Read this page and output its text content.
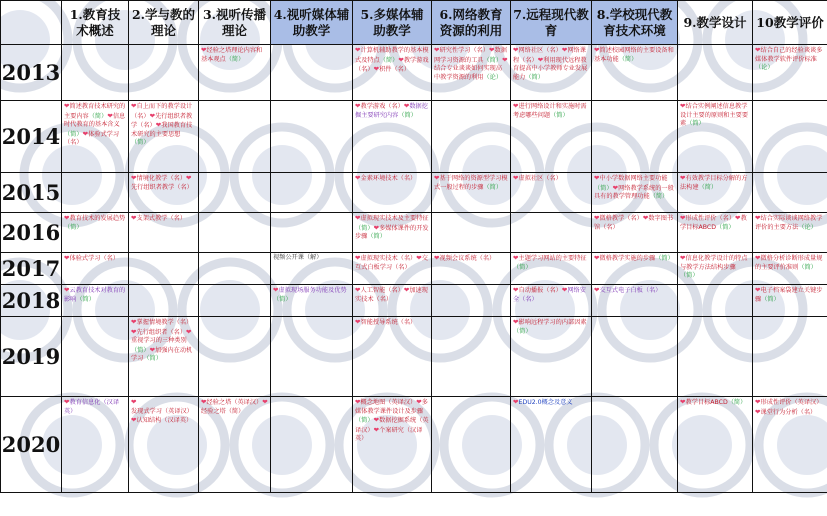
	1.教育技术概述	2.学与教的理论	3.视听传播理论	4.视听媒体辅助教学	5.多媒体辅助教学	6.网络教育资源的利用	7.远程现代教育	8.学校现代教育技术环境	9.教学设计	10教学评价
2013			❤经验之塔理论内容和基本观点（简）		❤计算机辅助教学的基本模式及特点（简）❤教学游戏（名）❤积件（名）	❤研究性学习（名）❤数据网学习资源的工具（简）❤结合专业谈谈如何实现高中教学资源的利用（论）	❤网络社区（名）❤网络课程（名）❤利用现代远程教育提高中小学教师专业发展能力（简）	❤简述校园网络的主要设备和基本功能（简）		❤结合自己的经验谈谈多媒体教学软件评价标准（论）

2014	❤简述教育技术研究的主要内容（简）❤信息时代教育的基本含义（简）❤体验式学习（名）	❤自上而下的教学设计（名）❤先行组织者教学（名）❤我国教育技术研究的主要思想（简）			❤教学游戏（名）❤数据挖掘主要研究内容（简）		❤进行网络设计和实施时需考虑哪些问题（简）		❤结合实例阐述信息教学设计主要的原则和主要要素（简）	

2015		❤情境化教学（名）❤先行组织者教学（名）			❤金素环境技术（名）	❤基于网络的资源型学习模式一般过程的步骤（简）	❤虚拟社区（名）	❤中小学数据网络主要功能（简）❤网络教学系统的一般具有的教学管理功能（简）	❤有效教学目标分解的方法构建（简）	

2016	❤教育技术的发展趋势（简）	❤支架式教学（名）			❤虚拟现实技术及主要特征（简）❤多媒体课件的开发步骤（简）			❤微格教学（名）❤数字图书馆（名）	❤形成性评价（名）❤教学目标ABCD（简）	❤结合实际谈谈网络教学评价的主要方法（论）

2017	❤体验式学习（名）			视频公开课（解）	❤虚拟现实技术（名）❤交互式白板学习（名）	❤视频会议系统（名）	❤主题学习网站的主要特征（简）	❤微格教学实施的步骤（简）	❤信息化教学设计的特点与教学方法结构步骤（简）	❤微格分析诊断形成量规的主要评价准则（简）

2018	❤云教育技术对教育的影响（简）			❤虚拟现场服务功能及优势（简）	❤人工智能（名）❤加速现实技术（名）		❤自动播报（名）❤网络安全（名）	❤交互式电子白板（名）		❤电子档案袋建立关键步骤（简）

2019		❤掌握情境教学（名）❤先行组织者（名）❤重视学习的三种类别（简）❤加强内在动机学习（简）			❤智能授导系统（名）		❤影响远程学习的内部因素（简）			

2020	❤教育信息化（汉译英）	❤发现式学习（英译汉）❤认知结构（汉译英）	❤经验之塔（英译汉）❤经验之塔（简）		❤概念地图（英译汉）❤多媒体教学课件设计及步骤（简）❤数据挖掘系统（英译汉）❤个案研究（汉译英）		❤EDU2.0概念及意义		❤教学目标ABCD（简）	❤形成性评价（英译汉）❤课堂行为分析（名）
